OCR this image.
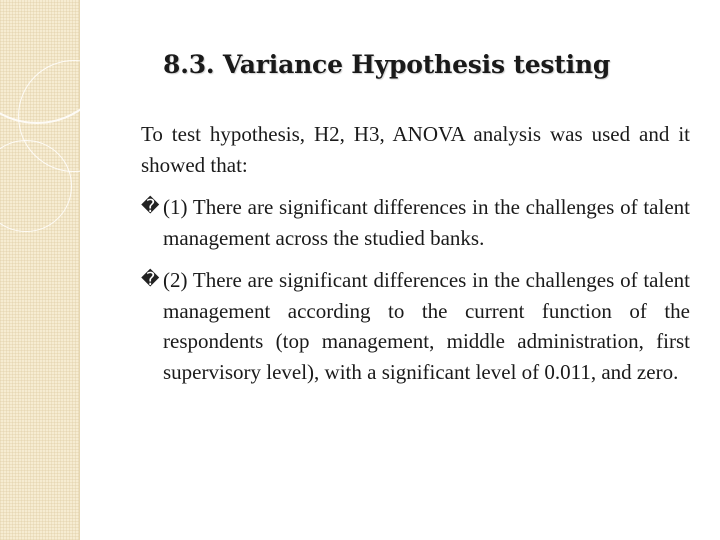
8.3. Variance Hypothesis testing

To test hypothesis, H2, H3, ANOVA analysis was used and it showed that:

� (1) There are significant differences in the challenges of talent management across the studied banks.

� (2) There are significant differences in the challenges of talent management according to the current function of the respondents (top management, middle administration, first supervisory level), with a significant level of 0.011, and zero.
